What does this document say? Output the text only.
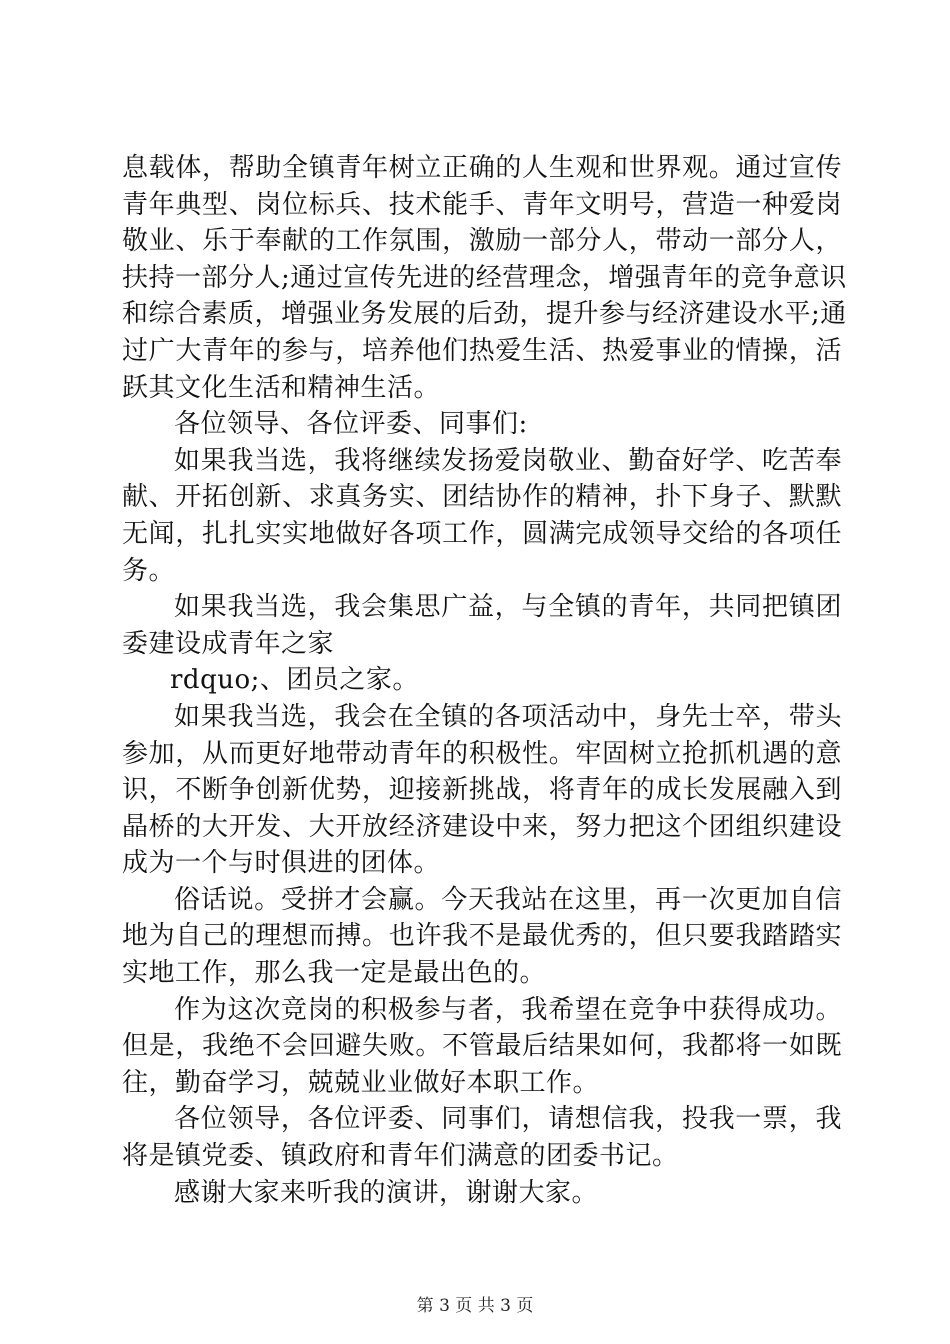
息载体，帮助全镇青年树立正确的人生观和世界观。通过宣传
青年典型、岗位标兵、技术能手、青年文明号，营造一种爱岗
敬业、乐于奉献的工作氛围，激励一部分人，带动一部分人，
扶持一部分人;通过宣传先进的经营理念，增强青年的竞争意识
和综合素质，增强业务发展的后劲，提升参与经济建设水平;通
过广大青年的参与，培养他们热爱生活、热爱事业的情操，活
跃其文化生活和精神生活。
各位领导、各位评委、同事们:
如果我当选，我将继续发扬爱岗敬业、勤奋好学、吃苦奉
献、开拓创新、求真务实、团结协作的精神，扑下身子、默默
无闻，扎扎实实地做好各项工作，圆满完成领导交给的各项任
务。
如果我当选，我会集思广益，与全镇的青年，共同把镇团
委建设成青年之家
rdquo;、团员之家。
如果我当选，我会在全镇的各项活动中，身先士卒，带头
参加，从而更好地带动青年的积极性。牢固树立抢抓机遇的意
识，不断争创新优势，迎接新挑战，将青年的成长发展融入到
晶桥的大开发、大开放经济建设中来，努力把这个团组织建设
成为一个与时俱进的团体。
俗话说。受拼才会赢。今天我站在这里，再一次更加自信
地为自己的理想而搏。也许我不是最优秀的，但只要我踏踏实
实地工作，那么我一定是最出色的。
作为这次竞岗的积极参与者，我希望在竞争中获得成功。
但是，我绝不会回避失败。不管最后结果如何，我都将一如既
往，勤奋学习，兢兢业业做好本职工作。
各位领导，各位评委、同事们，请想信我，投我一票，我
将是镇党委、镇政府和青年们满意的团委书记。
感谢大家来听我的演讲，谢谢大家。
第 3 页 共 3 页
